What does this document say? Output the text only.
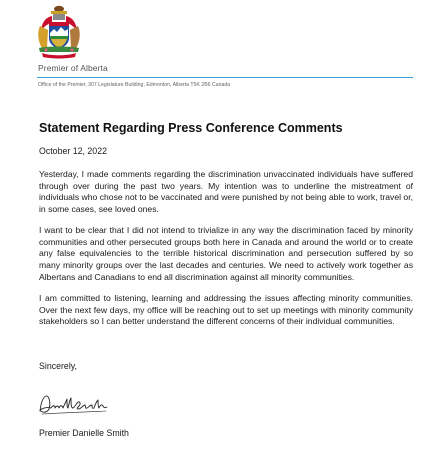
Premier of Alberta
Office of the Premier, 307 Legislature Building, Edmonton, Alberta T5K 2B6 Canada
Statement Regarding Press Conference Comments
October 12, 2022

Yesterday, I made comments regarding the discrimination unvaccinated individuals have suffered through over during the past two years. My intention was to underline the mistreatment of individuals who chose not to be vaccinated and were punished by not being able to work, travel or, in some cases, see loved ones.

I want to be clear that I did not intend to trivialize in any way the discrimination faced by minority communities and other persecuted groups both here in Canada and around the world or to create any false equivalencies to the terrible historical discrimination and persecution suffered by so many minority groups over the last decades and centuries. We need to actively work together as Albertans and Canadians to end all discrimination against all minority communities.

I am committed to listening, learning and addressing the issues affecting minority communities. Over the next few days, my office will be reaching out to set up meetings with minority community stakeholders so I can better understand the different concerns of their individual communities.

Sincerely,
Premier Danielle Smith
